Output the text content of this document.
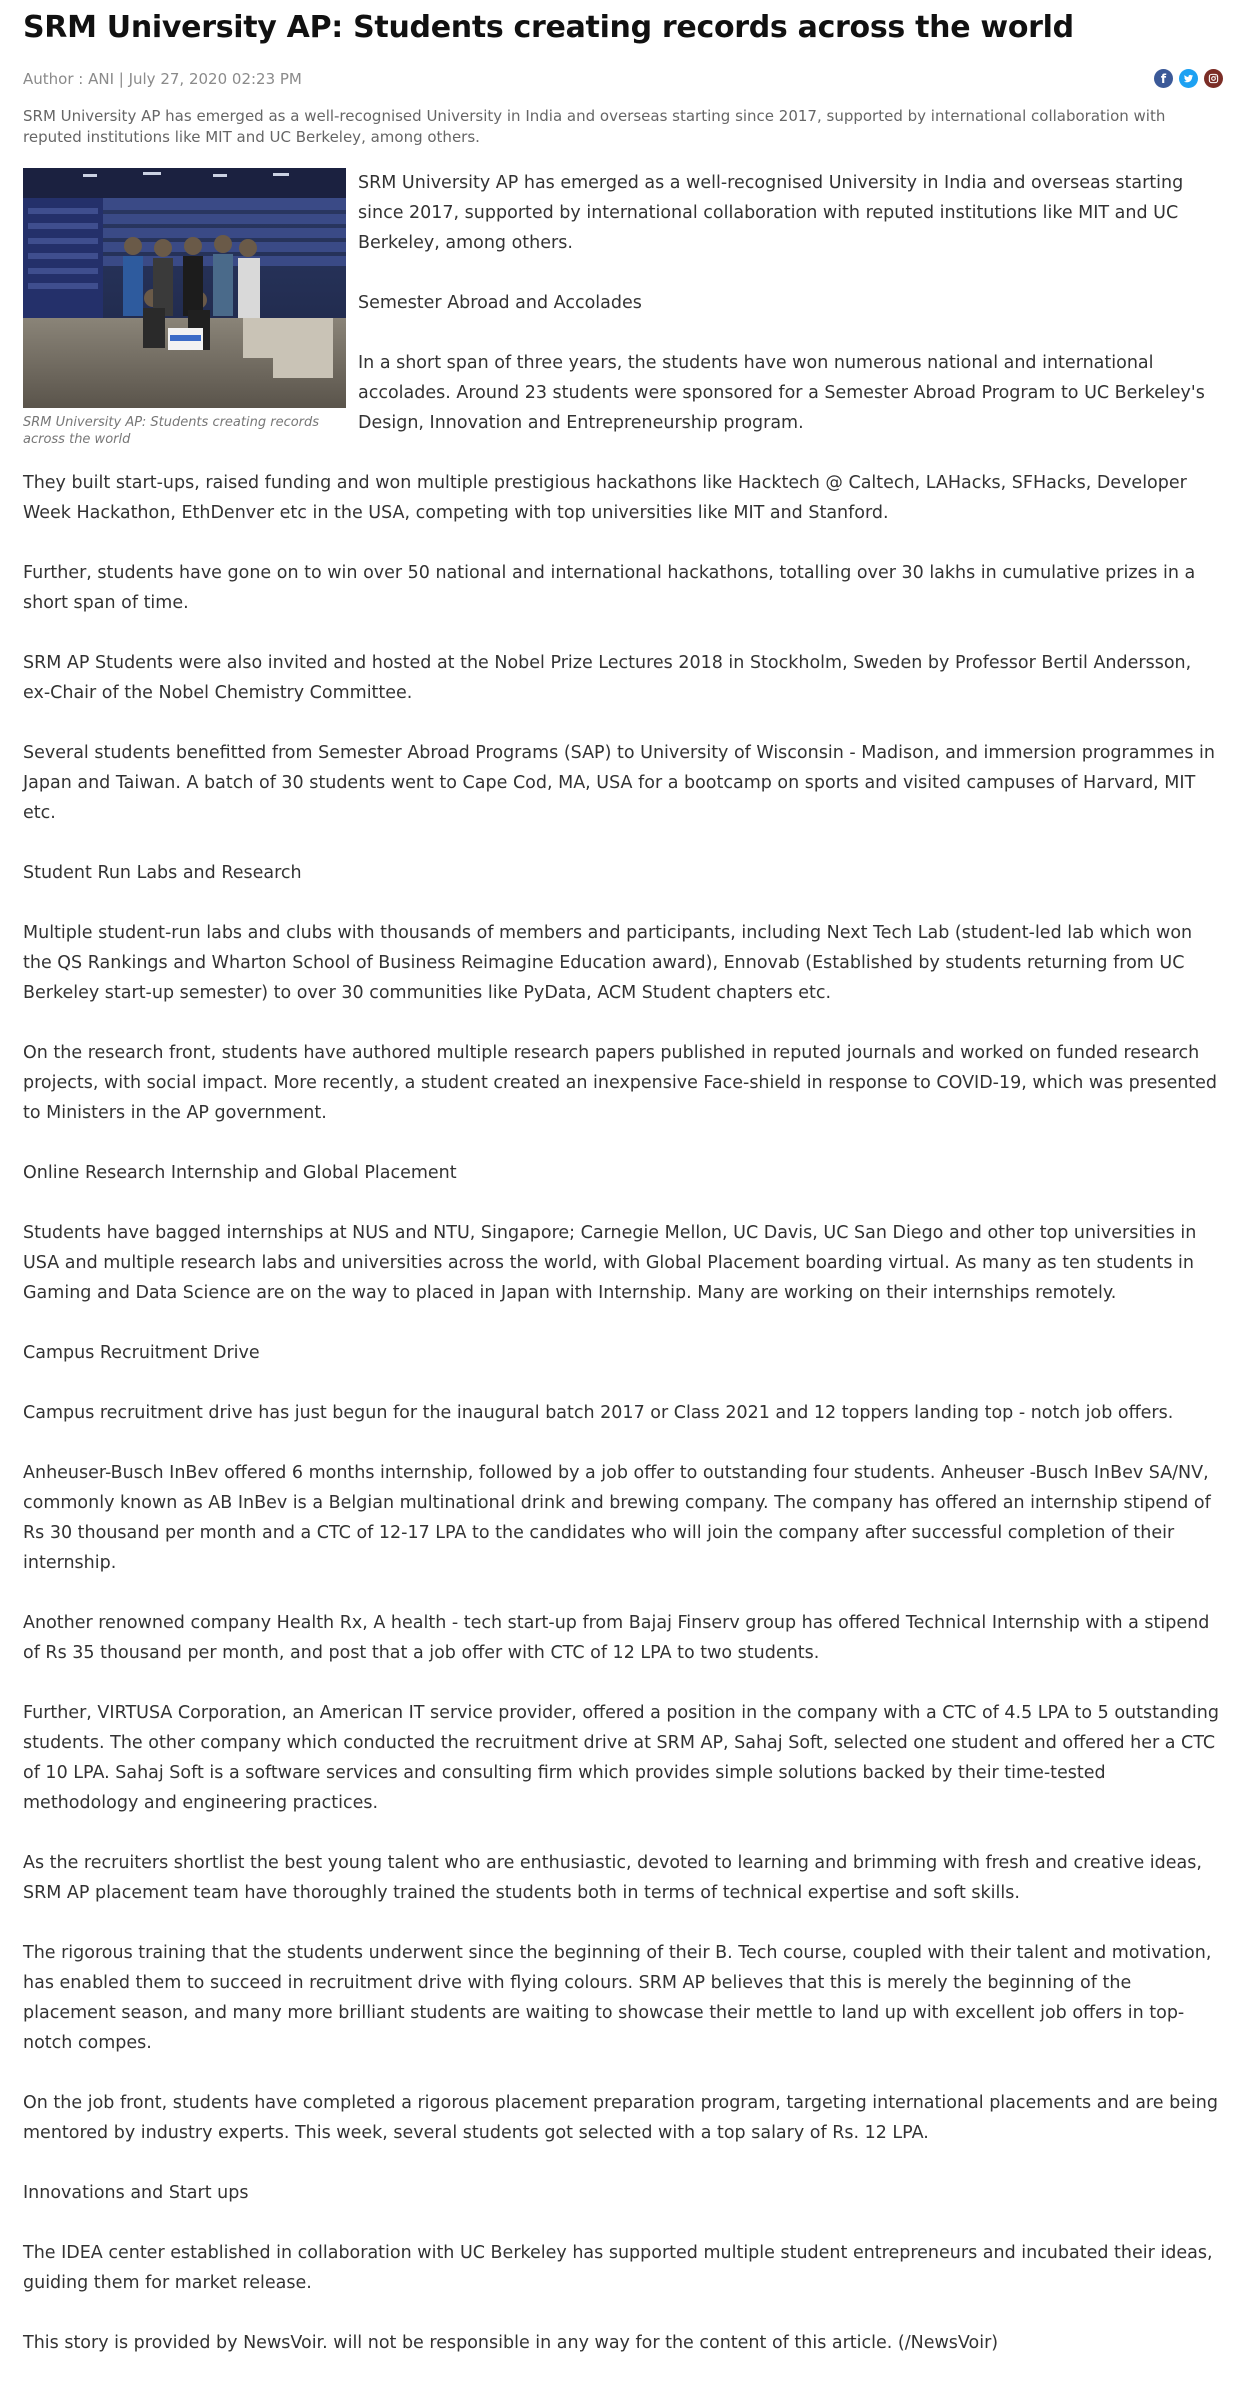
SRM University AP: Students creating records across the world
Author : ANI | July 27, 2020 02:23 PM	f

SRM University AP has emerged as a well-recognised University in India and overseas starting since 2017, supported by international collaboration with reputed institutions like MIT and UC Berkeley, among others.

SRM University AP: Students creating records across the world

SRM University AP has emerged as a well-recognised University in India and overseas starting since 2017, supported by international collaboration with reputed institutions like MIT and UC Berkeley, among others.

Semester Abroad and Accolades

In a short span of three years, the students have won numerous national and international accolades. Around 23 students were sponsored for a Semester Abroad Program to UC Berkeley's Design, Innovation and Entrepreneurship program.

They built start-ups, raised funding and won multiple prestigious hackathons like Hacktech @ Caltech, LAHacks, SFHacks, Developer Week Hackathon, EthDenver etc in the USA, competing with top universities like MIT and Stanford.

Further, students have gone on to win over 50 national and international hackathons, totalling over 30 lakhs in cumulative prizes in a short span of time.

SRM AP Students were also invited and hosted at the Nobel Prize Lectures 2018 in Stockholm, Sweden by Professor Bertil Andersson, ex-Chair of the Nobel Chemistry Committee.

Several students benefitted from Semester Abroad Programs (SAP) to University of Wisconsin - Madison, and immersion programmes in Japan and Taiwan. A batch of 30 students went to Cape Cod, MA, USA for a bootcamp on sports and visited campuses of Harvard, MIT etc.

Student Run Labs and Research

Multiple student-run labs and clubs with thousands of members and participants, including Next Tech Lab (student-led lab which won the QS Rankings and Wharton School of Business Reimagine Education award), Ennovab (Established by students returning from UC Berkeley start-up semester) to over 30 communities like PyData, ACM Student chapters etc.

On the research front, students have authored multiple research papers published in reputed journals and worked on funded research projects, with social impact. More recently, a student created an inexpensive Face-shield in response to COVID-19, which was presented to Ministers in the AP government.

Online Research Internship and Global Placement

Students have bagged internships at NUS and NTU, Singapore; Carnegie Mellon, UC Davis, UC San Diego and other top universities in USA and multiple research labs and universities across the world, with Global Placement boarding virtual. As many as ten students in Gaming and Data Science are on the way to placed in Japan with Internship. Many are working on their internships remotely.

Campus Recruitment Drive

Campus recruitment drive has just begun for the inaugural batch 2017 or Class 2021 and 12 toppers landing top - notch job offers.

Anheuser-Busch InBev offered 6 months internship, followed by a job offer to outstanding four students. Anheuser -Busch InBev SA/NV, commonly known as AB InBev is a Belgian multinational drink and brewing company. The company has offered an internship stipend of Rs 30 thousand per month and a CTC of 12-17 LPA to the candidates who will join the company after successful completion of their internship.

Another renowned company Health Rx, A health - tech start-up from Bajaj Finserv group has offered Technical Internship with a stipend of Rs 35 thousand per month, and post that a job offer with CTC of 12 LPA to two students.

Further, VIRTUSA Corporation, an American IT service provider, offered a position in the company with a CTC of 4.5 LPA to 5 outstanding students. The other company which conducted the recruitment drive at SRM AP, Sahaj Soft, selected one student and offered her a CTC of 10 LPA. Sahaj Soft is a software services and consulting firm which provides simple solutions backed by their time-tested methodology and engineering practices.

As the recruiters shortlist the best young talent who are enthusiastic, devoted to learning and brimming with fresh and creative ideas, SRM AP placement team have thoroughly trained the students both in terms of technical expertise and soft skills.

The rigorous training that the students underwent since the beginning of their B. Tech course, coupled with their talent and motivation, has enabled them to succeed in recruitment drive with flying colours. SRM AP believes that this is merely the beginning of the placement season, and many more brilliant students are waiting to showcase their mettle to land up with excellent job offers in top-notch compes.

On the job front, students have completed a rigorous placement preparation program, targeting international placements and are being mentored by industry experts. This week, several students got selected with a top salary of Rs. 12 LPA.

Innovations and Start ups

The IDEA center established in collaboration with UC Berkeley has supported multiple student entrepreneurs and incubated their ideas, guiding them for market release.

This story is provided by NewsVoir. will not be responsible in any way for the content of this article. (/NewsVoir)
